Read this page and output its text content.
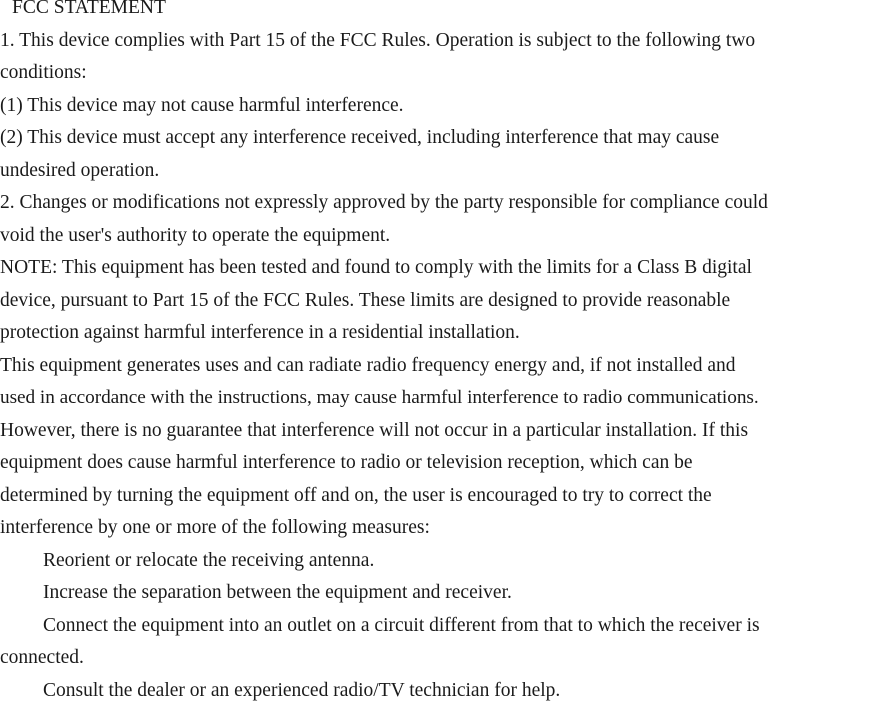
FCC STATEMENT
1. This device complies with Part 15 of the FCC Rules. Operation is subject to the following two
conditions:
(1) This device may not cause harmful interference.
(2) This device must accept any interference received, including interference that may cause
undesired operation.
2. Changes or modifications not expressly approved by the party responsible for compliance could
void the user's authority to operate the equipment.
NOTE: This equipment has been tested and found to comply with the limits for a Class B digital
device, pursuant to Part 15 of the FCC Rules. These limits are designed to provide reasonable
protection against harmful interference in a residential installation.
This equipment generates uses and can radiate radio frequency energy and, if not installed and
used in accordance with the instructions, may cause harmful interference to radio communications.
However, there is no guarantee that interference will not occur in a particular installation. If this
equipment does cause harmful interference to radio or television reception, which can be
determined by turning the equipment off and on, the user is encouraged to try to correct the
interference by one or more of the following measures:
Reorient or relocate the receiving antenna.
Increase the separation between the equipment and receiver.
Connect the equipment into an outlet on a circuit different from that to which the receiver is
connected.
Consult the dealer or an experienced radio/TV technician for help.
